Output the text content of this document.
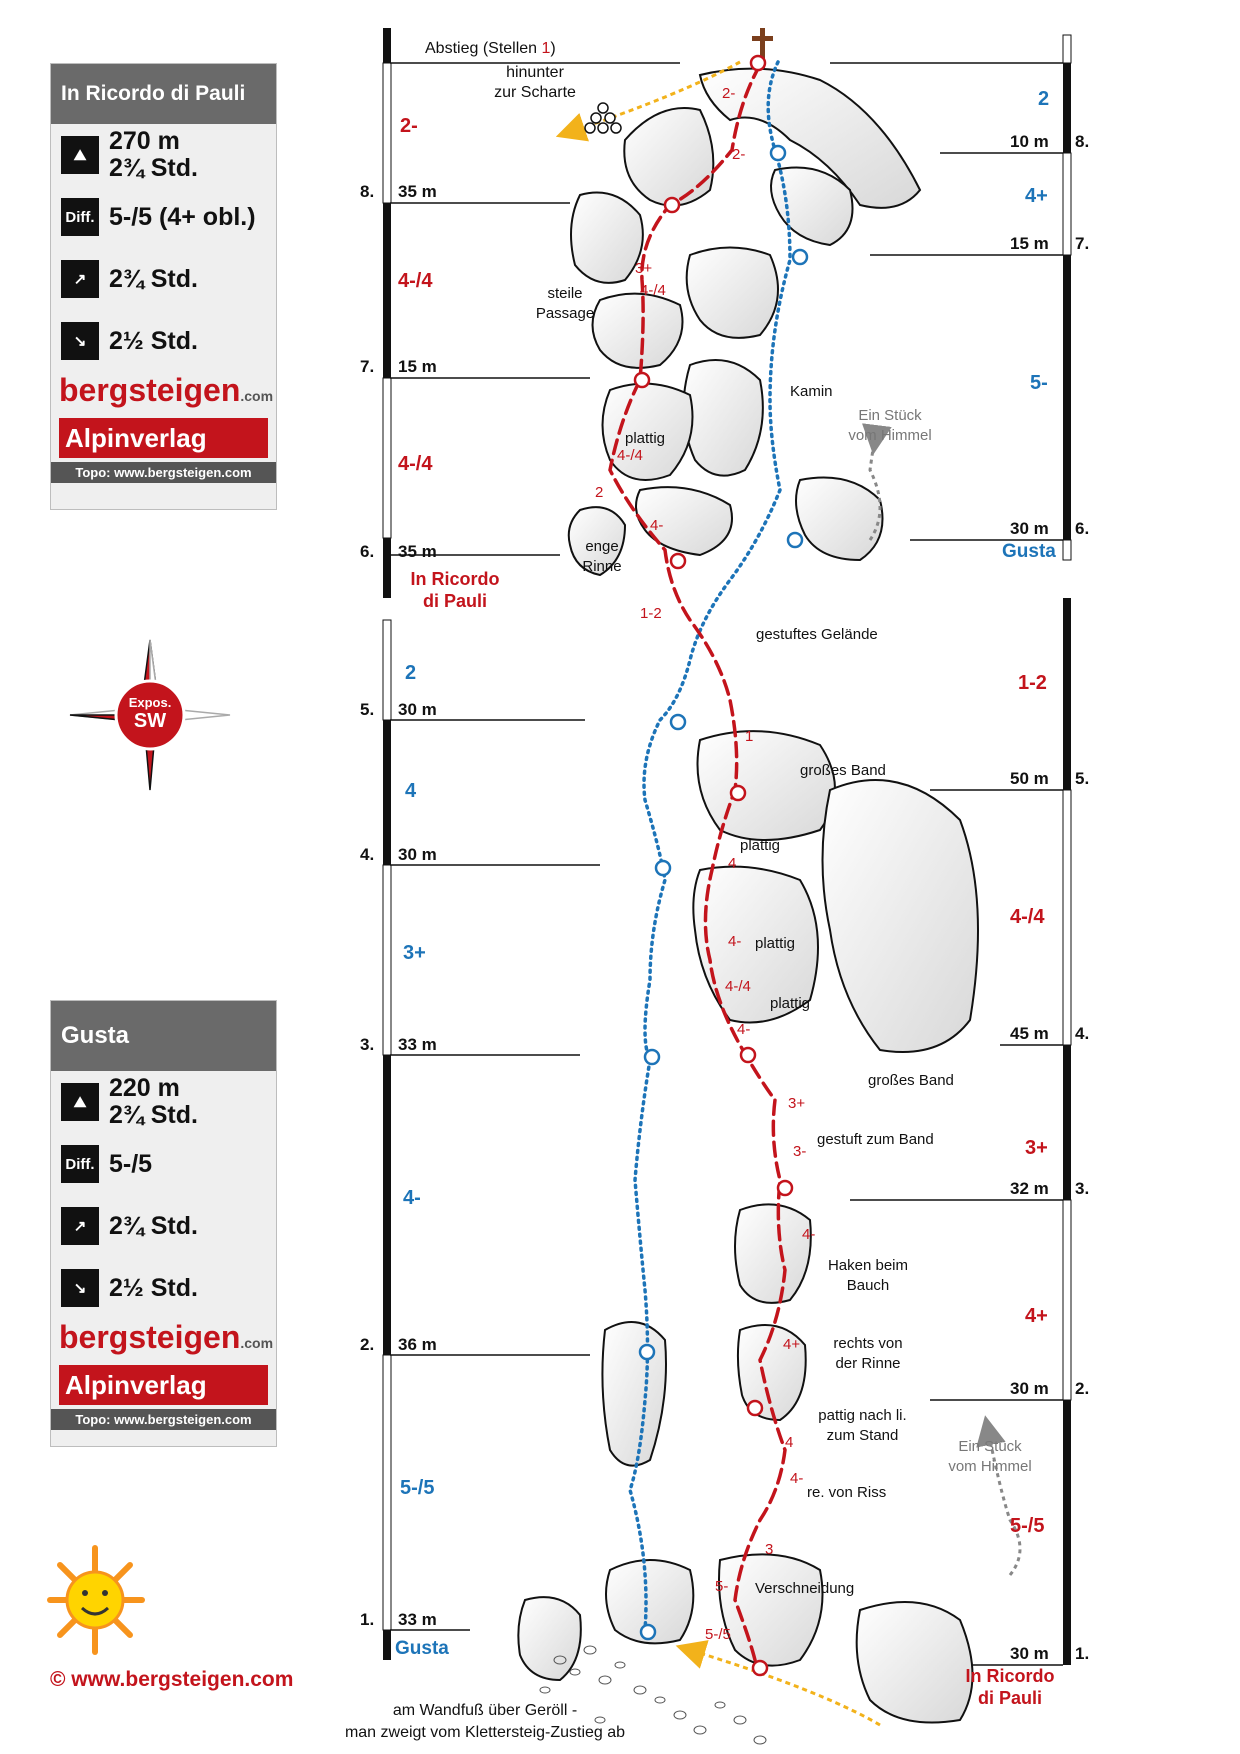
In Ricordo di Pauli
⛰ 270 m
2¾ Std.
Diff. 5-/5 (4+ obl.)
↗ 2¾ Std.
↘ 2½ Std.
bergsteigen.com
Alpinverlag
Topo: www.bergsteigen.com
Gusta
⛰ 220 m
2¾ Std.
Diff. 5-/5
↗ 2¾ Std.
↘ 2½ Std.
bergsteigen.com
Alpinverlag
Topo: www.bergsteigen.com
Expos.
SW
© www.bergsteigen.com
8. 35 m
7. 15 m
6. 35 m
5. 30 m
4. 30 m
3. 33 m
2. 36 m
1. 33 m
2-
4-/4
4-/4
In Ricordo
di Pauli
2
4
3+
4-
5-/5
Gusta
10 m 8.
15 m 7.
30 m 6.
50 m 5.
45 m 4.
32 m 3.
30 m 2.
30 m 1.
2
4+
5-
Gusta
1-2
4-/4
3+
4+
5-/5
In Ricordo
di Pauli
Abstieg (Stellen 1)
hinunter
zur Scharte
steile
Passage
Kamin
plattig
enge
Rinne
Ein Stück
vom Himmel
gestuftes Gelände
großes Band
plattig
plattig
plattig
großes Band
gestuft zum Band
Haken beim
Bauch
rechts von
der Rinne
pattig nach li.
zum Stand
re. von Riss
Verschneidung
Ein Stück
vom Himmel
am Wandfuß über Geröll -
man zweigt vom Klettersteig-Zustieg ab
2-
2-
3+
4-/4
4-/4
2
4-
1-2
1
4
4-
4-/4
4-
3+
3-
4-
4+
4
4-
3
5-
5-/5
